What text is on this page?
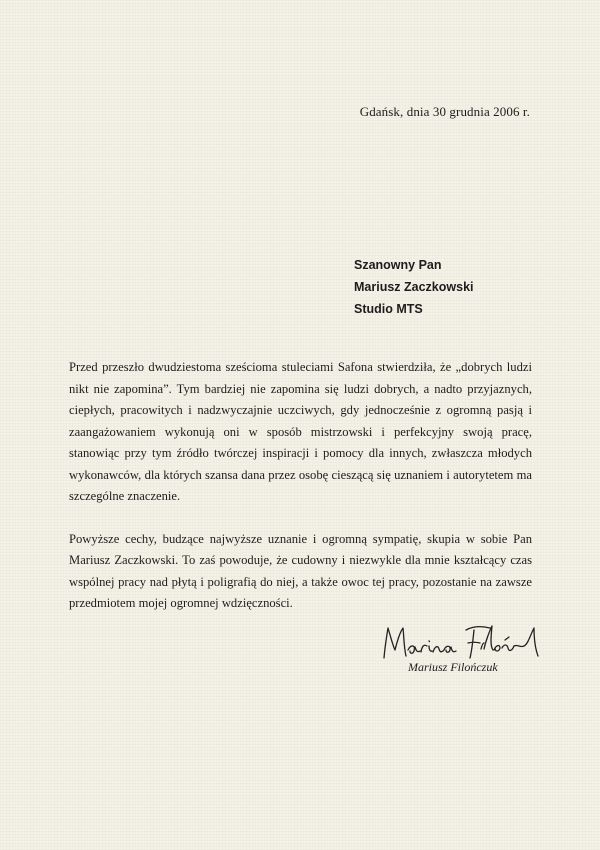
Gdańsk, dnia 30 grudnia 2006 r.
Szanowny Pan
Mariusz Zaczkowski
Studio MTS

Przed przeszło dwudziestoma sześcioma stuleciami Safona stwierdziła, że „dobrych ludzi nikt nie zapomina”. Tym bardziej nie zapomina się ludzi dobrych, a nadto przyjaznych, ciepłych, pracowitych i nadzwyczajnie uczciwych, gdy jednocześnie z ogromną pasją i zaangażowaniem wykonują oni w sposób mistrzowski i perfekcyjny swoją pracę, stanowiąc przy tym źródło twórczej inspiracji i pomocy dla innych, zwłaszcza młodych wykonawców, dla których szansa dana przez osobę cieszącą się uznaniem i autorytetem ma szczególne znaczenie.

Powyższe cechy, budzące najwyższe uznanie i ogromną sympatię, skupia w sobie Pan Mariusz Zaczkowski. To zaś powoduje, że cudowny i niezwykle dla mnie kształcący czas wspólnej pracy nad płytą i poligrafią do niej, a także owoc tej pracy, pozostanie na zawsze przedmiotem mojej ogromnej wdzięczności.

Mariusz Filończuk
